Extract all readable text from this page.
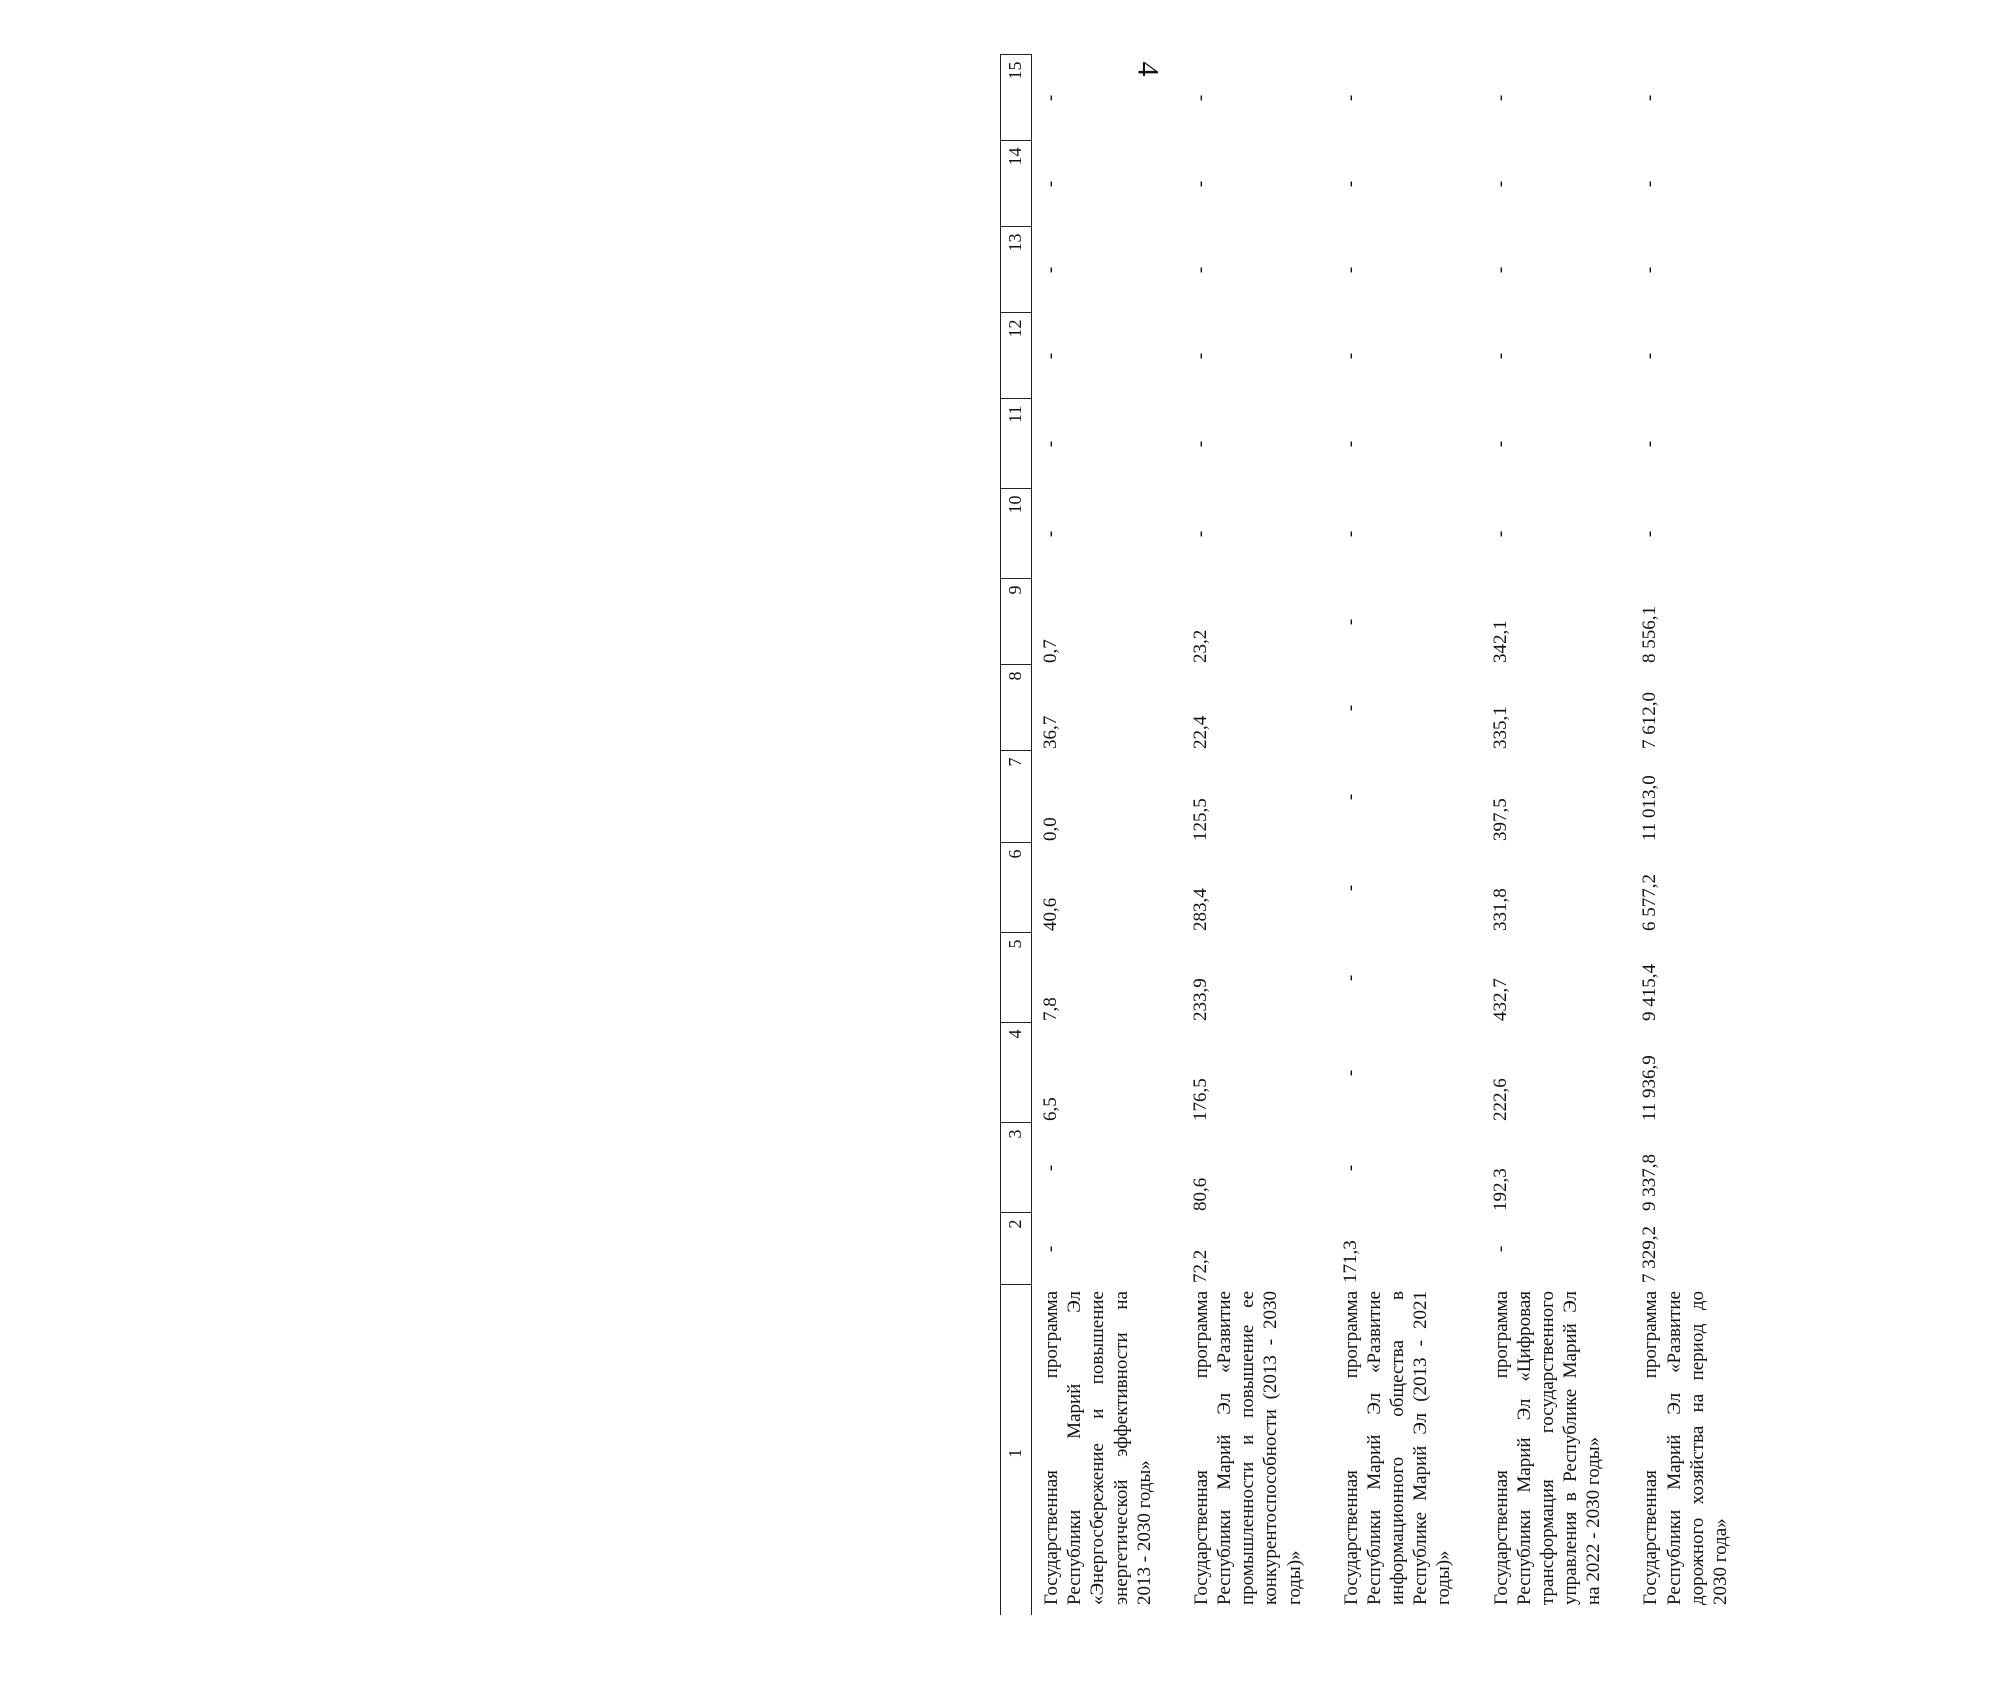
4
1	2	3	4	5	6	7	8	9	10	11	12	13	14	15
Государственная программа Республики Марий Эл «Энергосбережение и повышение энергетической эффективности на 2013 - 2030 годы»	-	-	6,5	7,8	40,6	0,0	36,7	0,7	-	-	-	-	-	-
Государственная программа Республики Марий Эл «Развитие промышленности и повышение ее конкурентоспособности (2013 - 2030 годы)»	72,2	80,6	176,5	233,9	283,4	125,5	22,4	23,2	-	-	-	-	-	-
Государственная программа Республики Марий Эл «Развитие информационного общества в Республике Марий Эл (2013 - 2021 годы)»	171,3	-	-	-	-	-	-	-	-	-	-	-	-	-
Государственная программа Республики Марий Эл «Цифровая трансформация государственного управления в Республике Марий Эл на 2022 - 2030 годы»	-	192,3	222,6	432,7	331,8	397,5	335,1	342,1	-	-	-	-	-	-
Государственная программа Республики Марий Эл «Развитие дорожного хозяйства на период до 2030 года»	7 329,2	9 337,8	11 936,9	9 415,4	6 577,2	11 013,0	7 612,0	8 556,1	-	-	-	-	-	-
